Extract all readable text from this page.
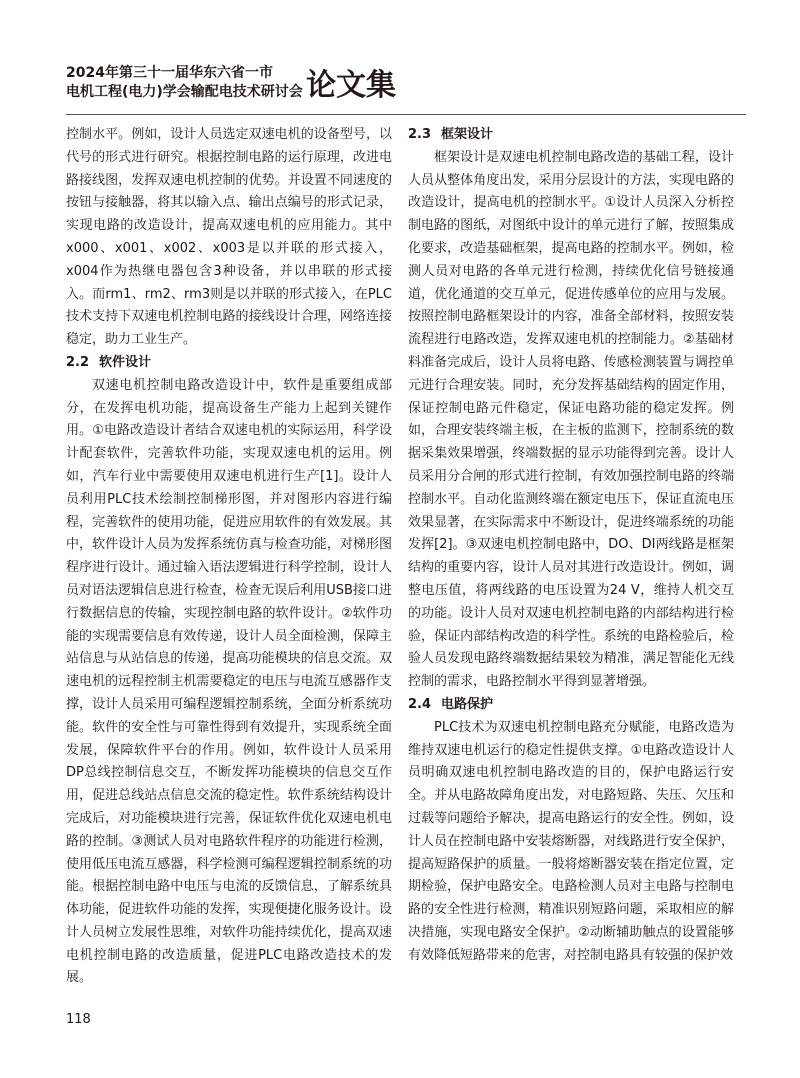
2024年第三十一届华东六省一市
电机工程(电力)学会输配电技术研讨会 论文集

控制水平。例如，设计人员选定双速电机的设备型号，以代号的形式进行研究。根据控制电路的运行原理，改进电路接线图，发挥双速电机控制的优势。并设置不同速度的按钮与接触器，将其以输入点、输出点编号的形式记录，实现电路的改造设计，提高双速电机的应用能力。其中x000、x001、x002、x003是以并联的形式接入，x004作为热继电器包含3种设备，并以串联的形式接入。而rm1、rm2、rm3则是以并联的形式接入，在PLC技术支持下双速电机控制电路的接线设计合理，网络连接稳定，助力工业生产。

2.2 软件设计

双速电机控制电路改造设计中，软件是重要组成部分，在发挥电机功能，提高设备生产能力上起到关键作用。①电路改造设计者结合双速电机的实际运用，科学设计配套软件，完善软件功能，实现双速电机的运用。例如，汽车行业中需要使用双速电机进行生产[1]。设计人员利用PLC技术绘制控制梯形图，并对图形内容进行编程，完善软件的使用功能，促进应用软件的有效发展。其中，软件设计人员为发挥系统仿真与检查功能，对梯形图程序进行设计。通过输入语法逻辑进行科学控制，设计人员对语法逻辑信息进行检查，检查无误后利用USB接口进行数据信息的传输，实现控制电路的软件设计。②软件功能的实现需要信息有效传递，设计人员全面检测，保障主站信息与从站信息的传递，提高功能模块的信息交流。双速电机的远程控制主机需要稳定的电压与电流互感器作支撑，设计人员采用可编程逻辑控制系统，全面分析系统功能。软件的安全性与可靠性得到有效提升，实现系统全面发展，保障软件平台的作用。例如，软件设计人员采用DP总线控制信息交互，不断发挥功能模块的信息交互作用，促进总线站点信息交流的稳定性。软件系统结构设计完成后，对功能模块进行完善，保证软件优化双速电机电路的控制。③测试人员对电路软件程序的功能进行检测，使用低压电流互感器，科学检测可编程逻辑控制系统的功能。根据控制电路中电压与电流的反馈信息，了解系统具体功能，促进软件功能的发挥，实现便捷化服务设计。设计人员树立发展性思维，对软件功能持续优化，提高双速电机控制电路的改造质量，促进PLC电路改造技术的发展。

2.3 框架设计

框架设计是双速电机控制电路改造的基础工程，设计人员从整体角度出发，采用分层设计的方法，实现电路的改造设计，提高电机的控制水平。①设计人员深入分析控制电路的图纸，对图纸中设计的单元进行了解，按照集成化要求，改造基础框架，提高电路的控制水平。例如，检测人员对电路的各单元进行检测，持续优化信号链接通道，优化通道的交互单元，促进传感单位的应用与发展。按照控制电路框架设计的内容，准备全部材料，按照安装流程进行电路改造，发挥双速电机的控制能力。②基础材料准备完成后，设计人员将电路、传感检测装置与调控单元进行合理安装。同时，充分发挥基础结构的固定作用，保证控制电路元件稳定，保证电路功能的稳定发挥。例如，合理安装终端主板，在主板的监测下，控制系统的数据采集效果增强，终端数据的显示功能得到完善。设计人员采用分合闸的形式进行控制，有效加强控制电路的终端控制水平。自动化监测终端在额定电压下，保证直流电压效果显著，在实际需求中不断设计，促进终端系统的功能发挥[2]。③双速电机控制电路中，DO、DI两线路是框架结构的重要内容，设计人员对其进行改造设计。例如，调整电压值，将两线路的电压设置为24 V，维持人机交互的功能。设计人员对双速电机控制电路的内部结构进行检验，保证内部结构改造的科学性。系统的电路检验后，检验人员发现电路终端数据结果较为精准，满足智能化无线控制的需求，电路控制水平得到显著增强。

2.4 电路保护

PLC技术为双速电机控制电路充分赋能，电路改造为维持双速电机运行的稳定性提供支撑。①电路改造设计人员明确双速电机控制电路改造的目的，保护电路运行安全。并从电路故障角度出发，对电路短路、失压、欠压和过载等问题给予解决，提高电路运行的安全性。例如，设计人员在控制电路中安装熔断器，对线路进行安全保护，提高短路保护的质量。一般将熔断器安装在指定位置，定期检验，保护电路安全。电路检测人员对主电路与控制电路的安全性进行检测，精准识别短路问题，采取相应的解决措施，实现电路安全保护。②动断辅助触点的设置能够有效降低短路带来的危害，对控制电路具有较强的保护效

118
